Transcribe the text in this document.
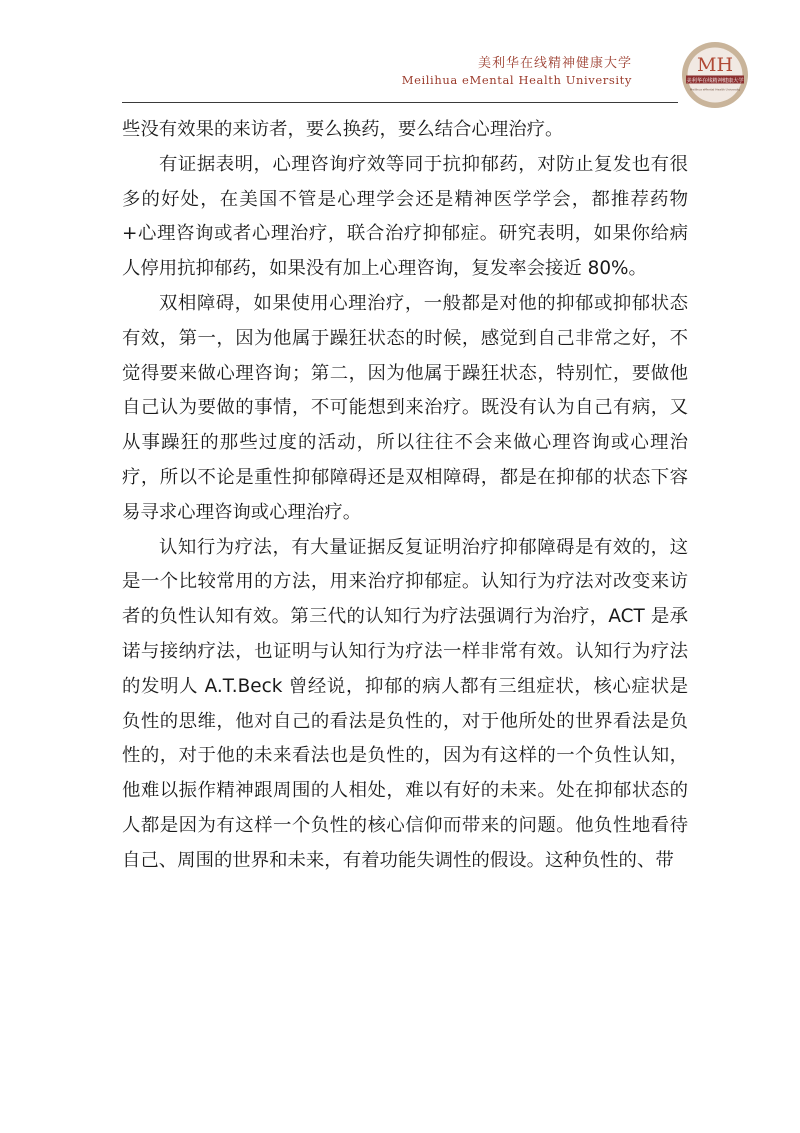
美利华在线精神健康大学
Meilihua eMental Health University
MH
美利华在线精神健康大学
Meilihua eMental Health University

些没有效果的来访者，要么换药，要么结合心理治疗。

有证据表明，心理咨询疗效等同于抗抑郁药，对防止复发也有很多的好处，在美国不管是心理学会还是精神医学学会，都推荐药物+心理咨询或者心理治疗，联合治疗抑郁症。研究表明，如果你给病人停用抗抑郁药，如果没有加上心理咨询，复发率会接近 80%。

双相障碍，如果使用心理治疗，一般都是对他的抑郁或抑郁状态有效，第一，因为他属于躁狂状态的时候，感觉到自己非常之好，不觉得要来做心理咨询；第二，因为他属于躁狂状态，特别忙，要做他自己认为要做的事情，不可能想到来治疗。既没有认为自己有病，又从事躁狂的那些过度的活动，所以往往不会来做心理咨询或心理治疗，所以不论是重性抑郁障碍还是双相障碍，都是在抑郁的状态下容易寻求心理咨询或心理治疗。

认知行为疗法，有大量证据反复证明治疗抑郁障碍是有效的，这是一个比较常用的方法，用来治疗抑郁症。认知行为疗法对改变来访者的负性认知有效。第三代的认知行为疗法强调行为治疗，ACT 是承诺与接纳疗法，也证明与认知行为疗法一样非常有效。认知行为疗法的发明人 A.T.Beck 曾经说，抑郁的病人都有三组症状，核心症状是负性的思维，他对自己的看法是负性的，对于他所处的世界看法是负性的，对于他的未来看法也是负性的，因为有这样的一个负性认知，他难以振作精神跟周围的人相处，难以有好的未来。处在抑郁状态的人都是因为有这样一个负性的核心信仰而带来的问题。他负性地看待自己、周围的世界和未来，有着功能失调性的假设。这种负性的、带
